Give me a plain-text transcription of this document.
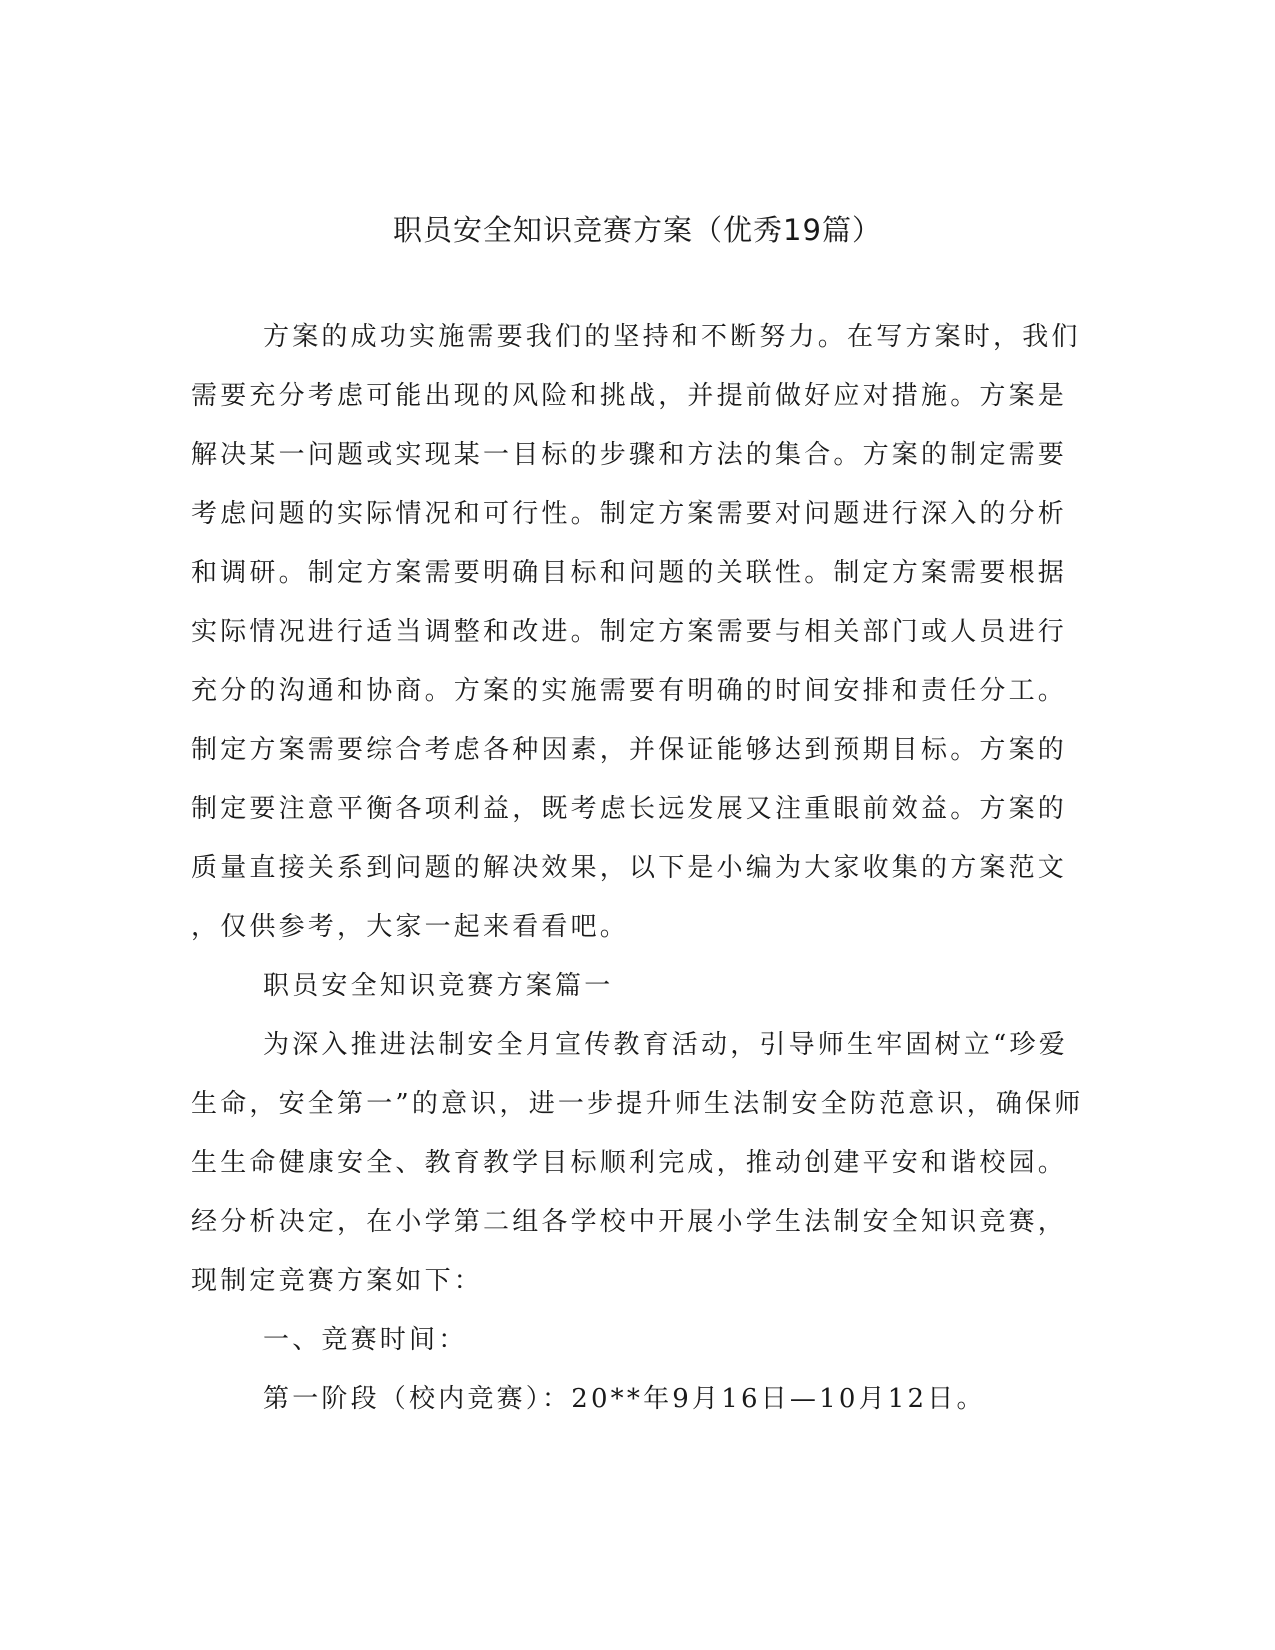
职员安全知识竞赛方案（优秀19篇）

方案的成功实施需要我们的坚持和不断努力。在写方案时，我们

需要充分考虑可能出现的风险和挑战，并提前做好应对措施。方案是

解决某一问题或实现某一目标的步骤和方法的集合。方案的制定需要

考虑问题的实际情况和可行性。制定方案需要对问题进行深入的分析

和调研。制定方案需要明确目标和问题的关联性。制定方案需要根据

实际情况进行适当调整和改进。制定方案需要与相关部门或人员进行

充分的沟通和协商。方案的实施需要有明确的时间安排和责任分工。

制定方案需要综合考虑各种因素，并保证能够达到预期目标。方案的

制定要注意平衡各项利益，既考虑长远发展又注重眼前效益。方案的

质量直接关系到问题的解决效果，以下是小编为大家收集的方案范文

，仅供参考，大家一起来看看吧。

职员安全知识竞赛方案篇一

为深入推进法制安全月宣传教育活动，引导师生牢固树立“珍爱

生命，安全第一”的意识，进一步提升师生法制安全防范意识，确保师

生生命健康安全、教育教学目标顺利完成，推动创建平安和谐校园。

经分析决定，在小学第二组各学校中开展小学生法制安全知识竞赛，

现制定竞赛方案如下：

一、竞赛时间：

第一阶段（校内竞赛）：20**年9月16日—10月12日。
